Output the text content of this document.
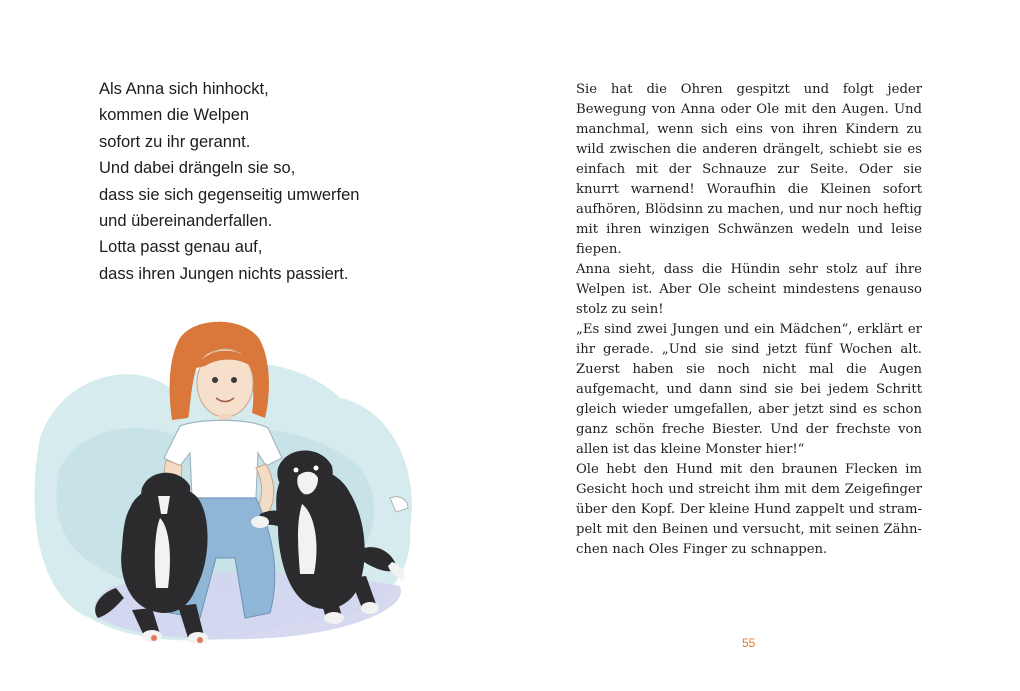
Als Anna sich hinhockt,
kommen die Welpen
sofort zu ihr gerannt.
Und dabei drängeln sie so,
dass sie sich gegenseitig umwerfen
und übereinanderfallen.
Lotta passt genau auf,
dass ihren Jungen nichts passiert.

Sie hat die Ohren gespitzt und folgt jeder Bewegung von Anna oder Ole mit den Augen. Und manchmal, wenn sich eins von ihren Kindern zu wild zwischen die anderen drängelt, schiebt sie es einfach mit der Schnauze zur Seite. Oder sie knurrt warnend! Woraufhin die Kleinen sofort aufhören, Blödsinn zu machen, und nur noch heftig mit ihren winzigen Schwänzen wedeln und leise fiepen.

Anna sieht, dass die Hündin sehr stolz auf ihre Welpen ist. Aber Ole scheint mindestens genauso stolz zu sein!

„Es sind zwei Jungen und ein Mädchen“, erklärt er ihr gerade. „Und sie sind jetzt fünf Wochen alt. Zuerst haben sie noch nicht mal die Augen aufgemacht, und dann sind sie bei jedem Schritt gleich wieder umgefallen, aber jetzt sind es schon ganz schön freche Biester. Und der frechste von allen ist das kleine Monster hier!“

Ole hebt den Hund mit den braunen Flecken im Gesicht hoch und streicht ihm mit dem Zeigefinger über den Kopf. Der kleine Hund zappelt und strampelt mit den Beinen und versucht, mit seinen Zähnchen nach Oles Finger zu schnappen.

55
